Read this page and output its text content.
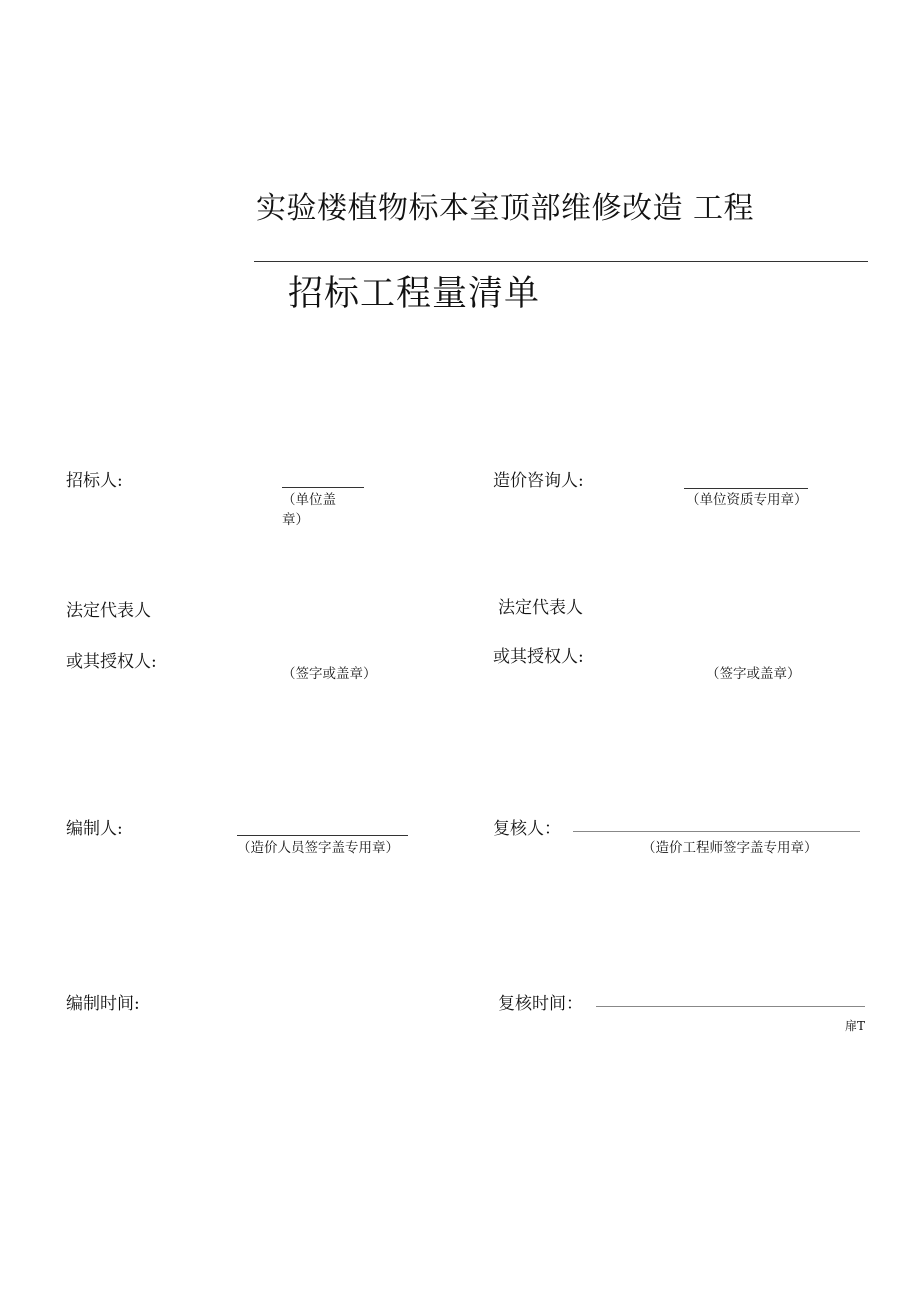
实验楼植物标本室顶部维修改造 工程
招标工程量清单
招标人:
（单位盖章）
法定代表人
或其授权人:
（签字或盖章）
编制人:
（造价人员签字盖专用章）
编制时间:
造价咨询人:
（单位资质专用章）
法定代表人
或其授权人:
（签字或盖章）
复核人：
（造价工程师签字盖专用章）
复核时间：
扉T
